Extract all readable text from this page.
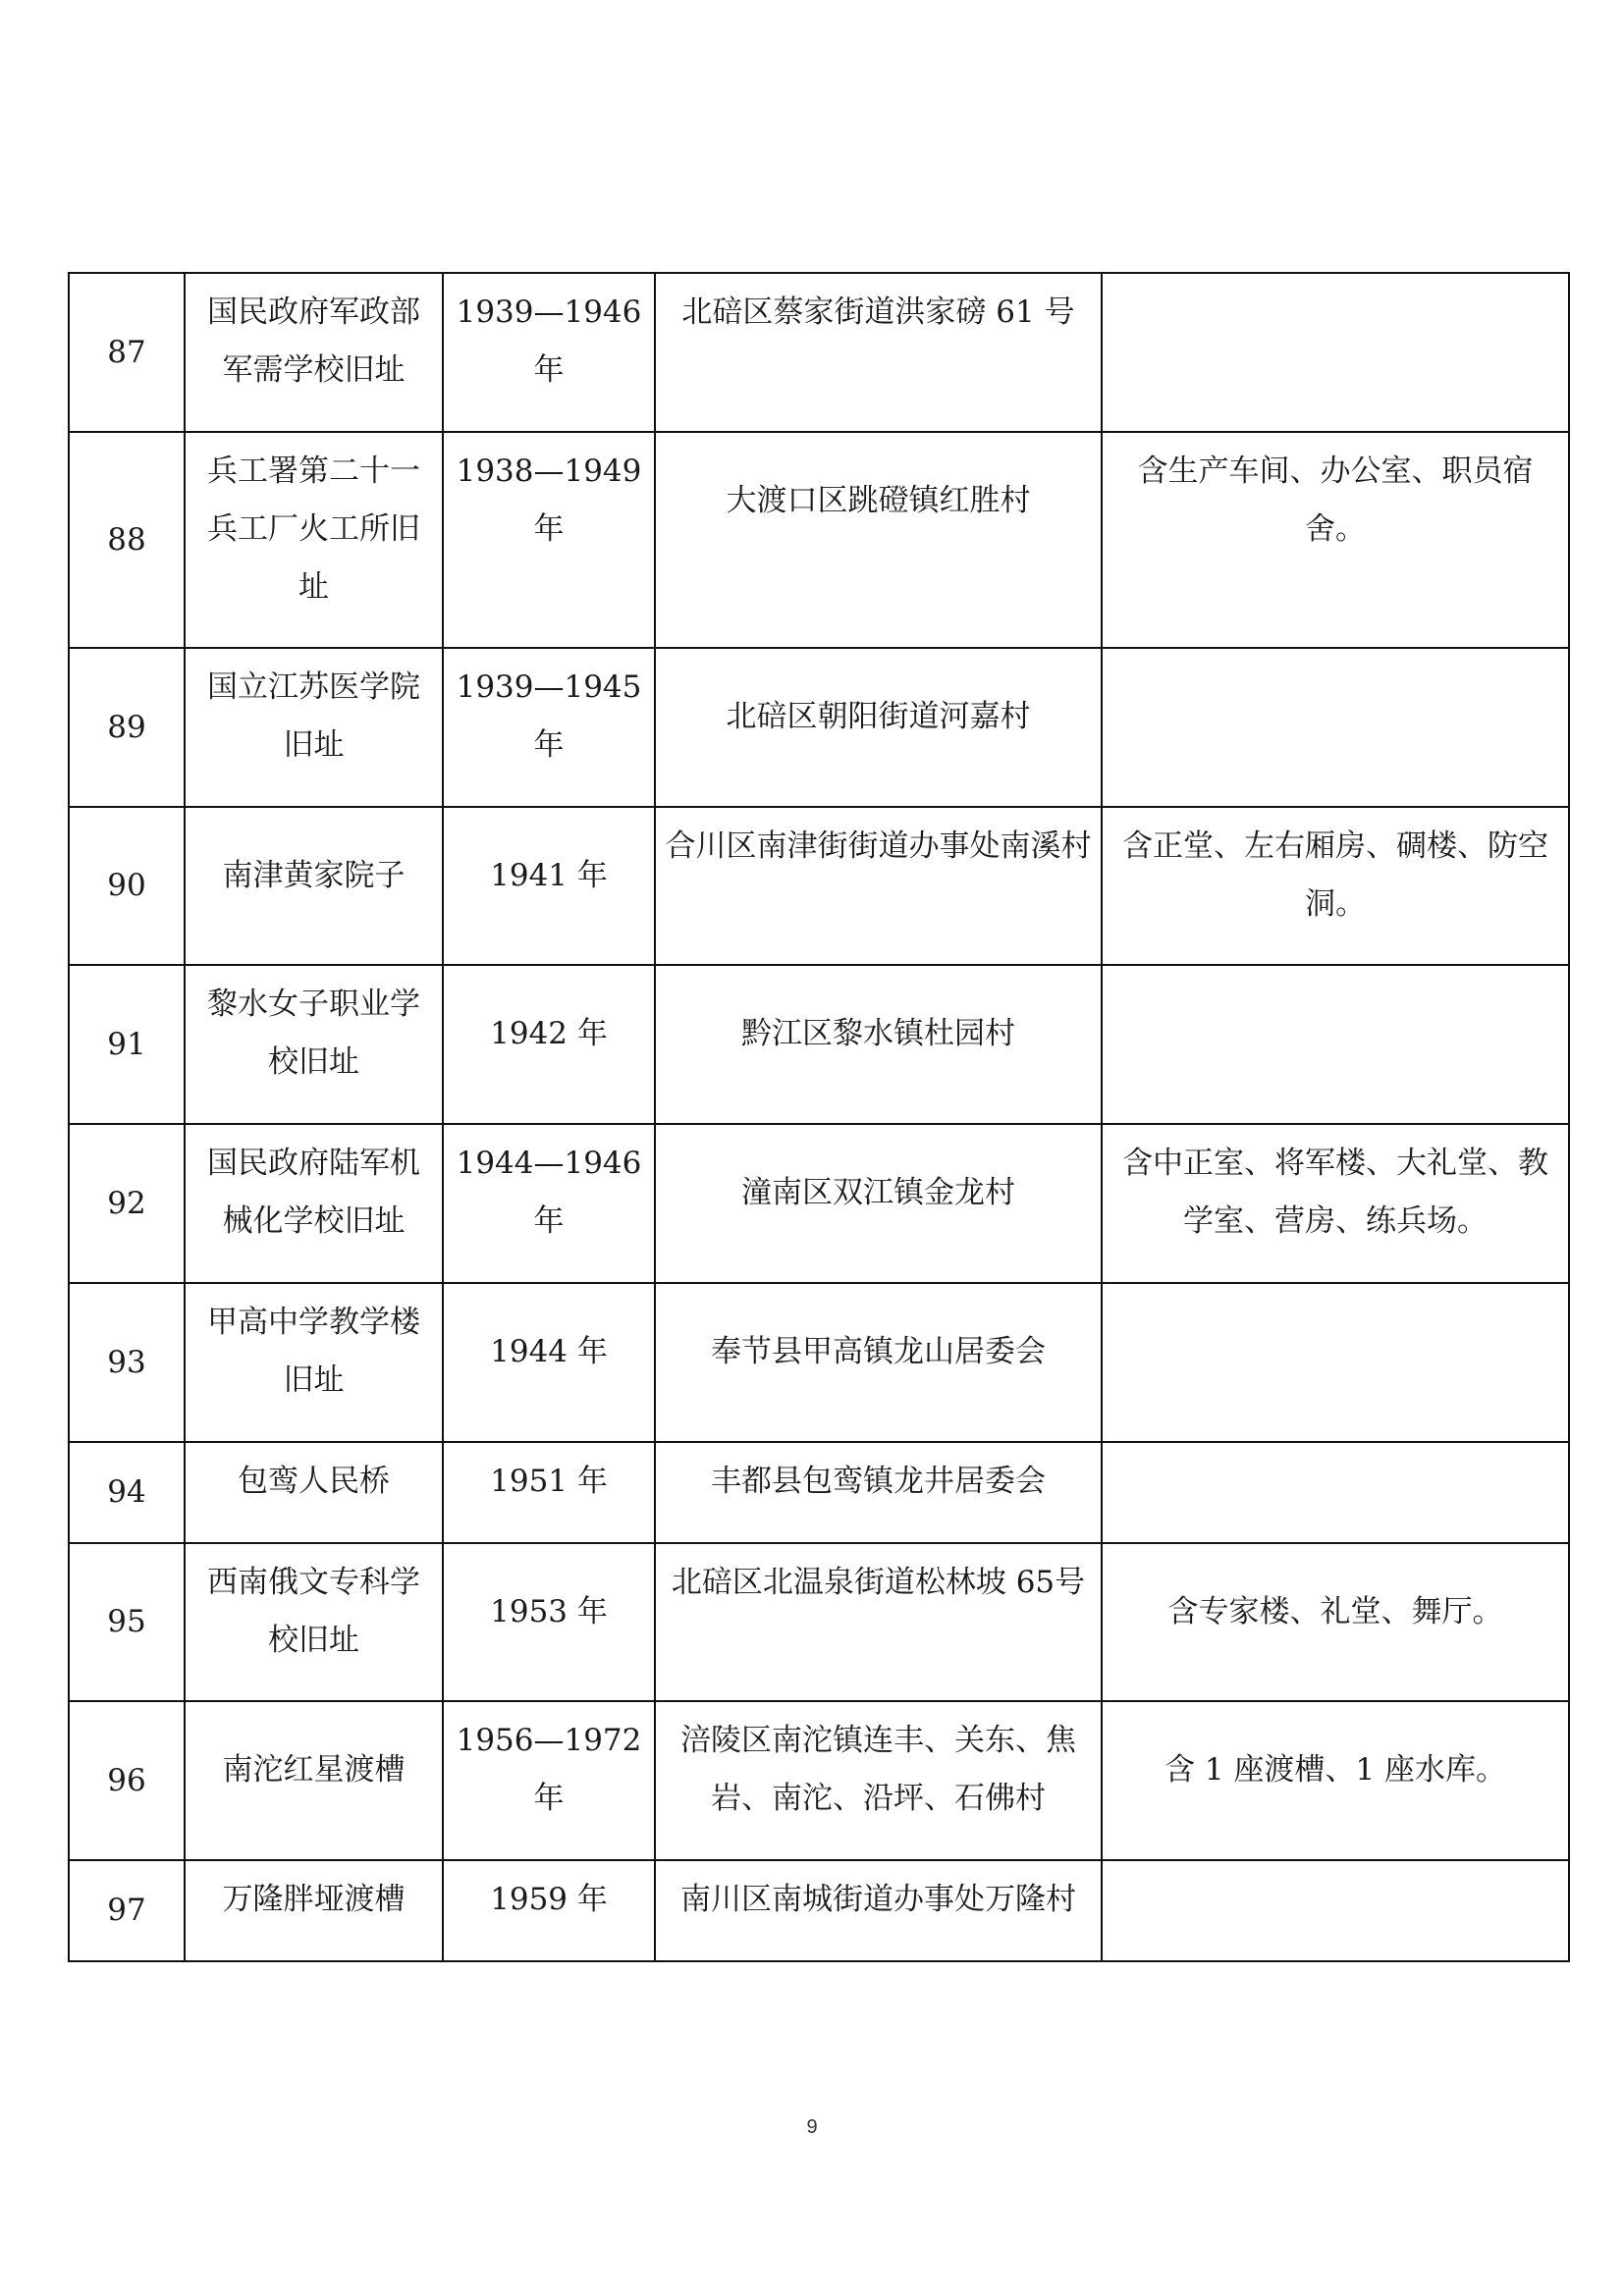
87	国民政府军政部军需学校旧址	1939—1946年	北碚区蔡家街道洪家磅 61 号	
88	兵工署第二十一兵工厂火工所旧址	1938—1949年	大渡口区跳磴镇红胜村	含生产车间、办公室、职员宿舍。
89	国立江苏医学院旧址	1939—1945年	北碚区朝阳街道河嘉村	
90	南津黄家院子	1941 年	合川区南津街街道办事处南溪村	含正堂、左右厢房、碉楼、防空洞。
91	黎水女子职业学校旧址	1942 年	黔江区黎水镇杜园村	
92	国民政府陆军机械化学校旧址	1944—1946年	潼南区双江镇金龙村	含中正室、将军楼、大礼堂、教学室、营房、练兵场。
93	甲高中学教学楼旧址	1944 年	奉节县甲高镇龙山居委会	
94	包鸾人民桥	1951 年	丰都县包鸾镇龙井居委会	
95	西南俄文专科学校旧址	1953 年	北碚区北温泉街道松林坡 65号	含专家楼、礼堂、舞厅。
96	南沱红星渡槽	1956—1972年	涪陵区南沱镇连丰、关东、焦岩、南沱、沿坪、石佛村	含 1 座渡槽、1 座水库。
97	万隆胖垭渡槽	1959 年	南川区南城街道办事处万隆村	
9
